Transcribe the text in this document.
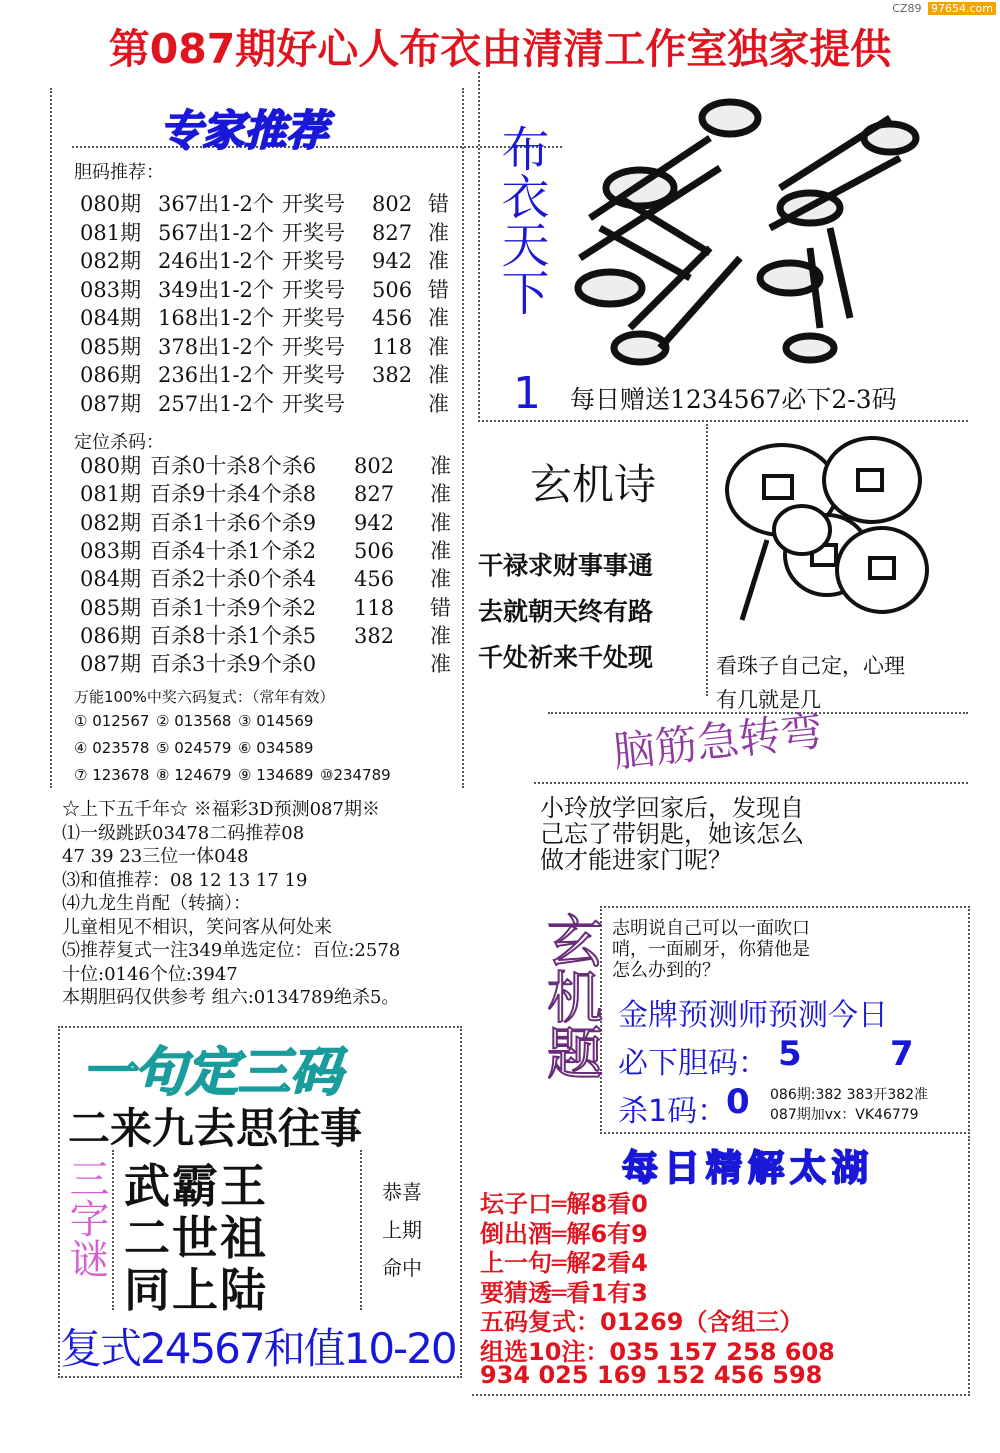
第087期好心人布衣由清清工作室独家提供
CZ89 97654.com
专家推荐
胆码推荐：
080期 367出1-2个 开奖号 802 错
081期 567出1-2个 开奖号 827 准
082期 246出1-2个 开奖号 942 准
083期 349出1-2个 开奖号 506 错
084期 168出1-2个 开奖号 456 准
085期 378出1-2个 开奖号 118 准
086期 236出1-2个 开奖号 382 准
087期 257出1-2个 开奖号	准
定位杀码：
080期 百杀0十杀8个杀6 802 准
081期 百杀9十杀4个杀8 827 准
082期 百杀1十杀6个杀9 942 准
083期 百杀4十杀1个杀2 506 准
084期 百杀2十杀0个杀4 456 准
085期 百杀1十杀9个杀2 118 错
086期 百杀8十杀1个杀5 382 准
087期 百杀3十杀9个杀0	准
万能100%中奖六码复式：（常年有效）
① 012567 ② 013568 ③ 014569
④ 023578 ⑤ 024579 ⑥ 034589
⑦ 123678 ⑧ 124679 ⑨ 134689 ⑩234789
☆上下五千年☆ ※福彩3D预测087期※
⑴一级跳跃03478二码推荐08
47 39 23三位一体048
⑶和值推荐：08 12 13 17 19
⑷九龙生肖配（转摘）：
儿童相见不相识，笑问客从何处来
⑸推荐复式一注349单选定位：百位:2578
十位:0146个位:3947
本期胆码仅供参考 组六:0134789绝杀5。
布衣天下
1 每日赠送1234567必下2-3码
玄机诗
干禄求财事事通
去就朝天终有路
千处祈来千处现	看珠子自己定，心理
有几就是几
脑筋急转弯
小玲放学回家后，发现自
己忘了带钥匙，她该怎么
做才能进家门呢？
玄机题 志明说自己可以一面吹口
哨，一面刷牙，你猜他是
怎么办到的？
金牌预测师预测今日
必下胆码： 5	7
杀1码：
0 086期:382 383开382准
087期加vx：VK46779
一句定三码
二来九去思往事
三字谜 武霸王
二世祖
同上陆
恭喜
上期
命中
复式24567和值10-20
每日精解太湖
坛子口═解8看0
倒出酒═解6有9
上一句═解2看4
要猜透═看1有3
五码复式：01269（含组三）
组选10注：035 157 258 608
934 025 169 152 456 598
